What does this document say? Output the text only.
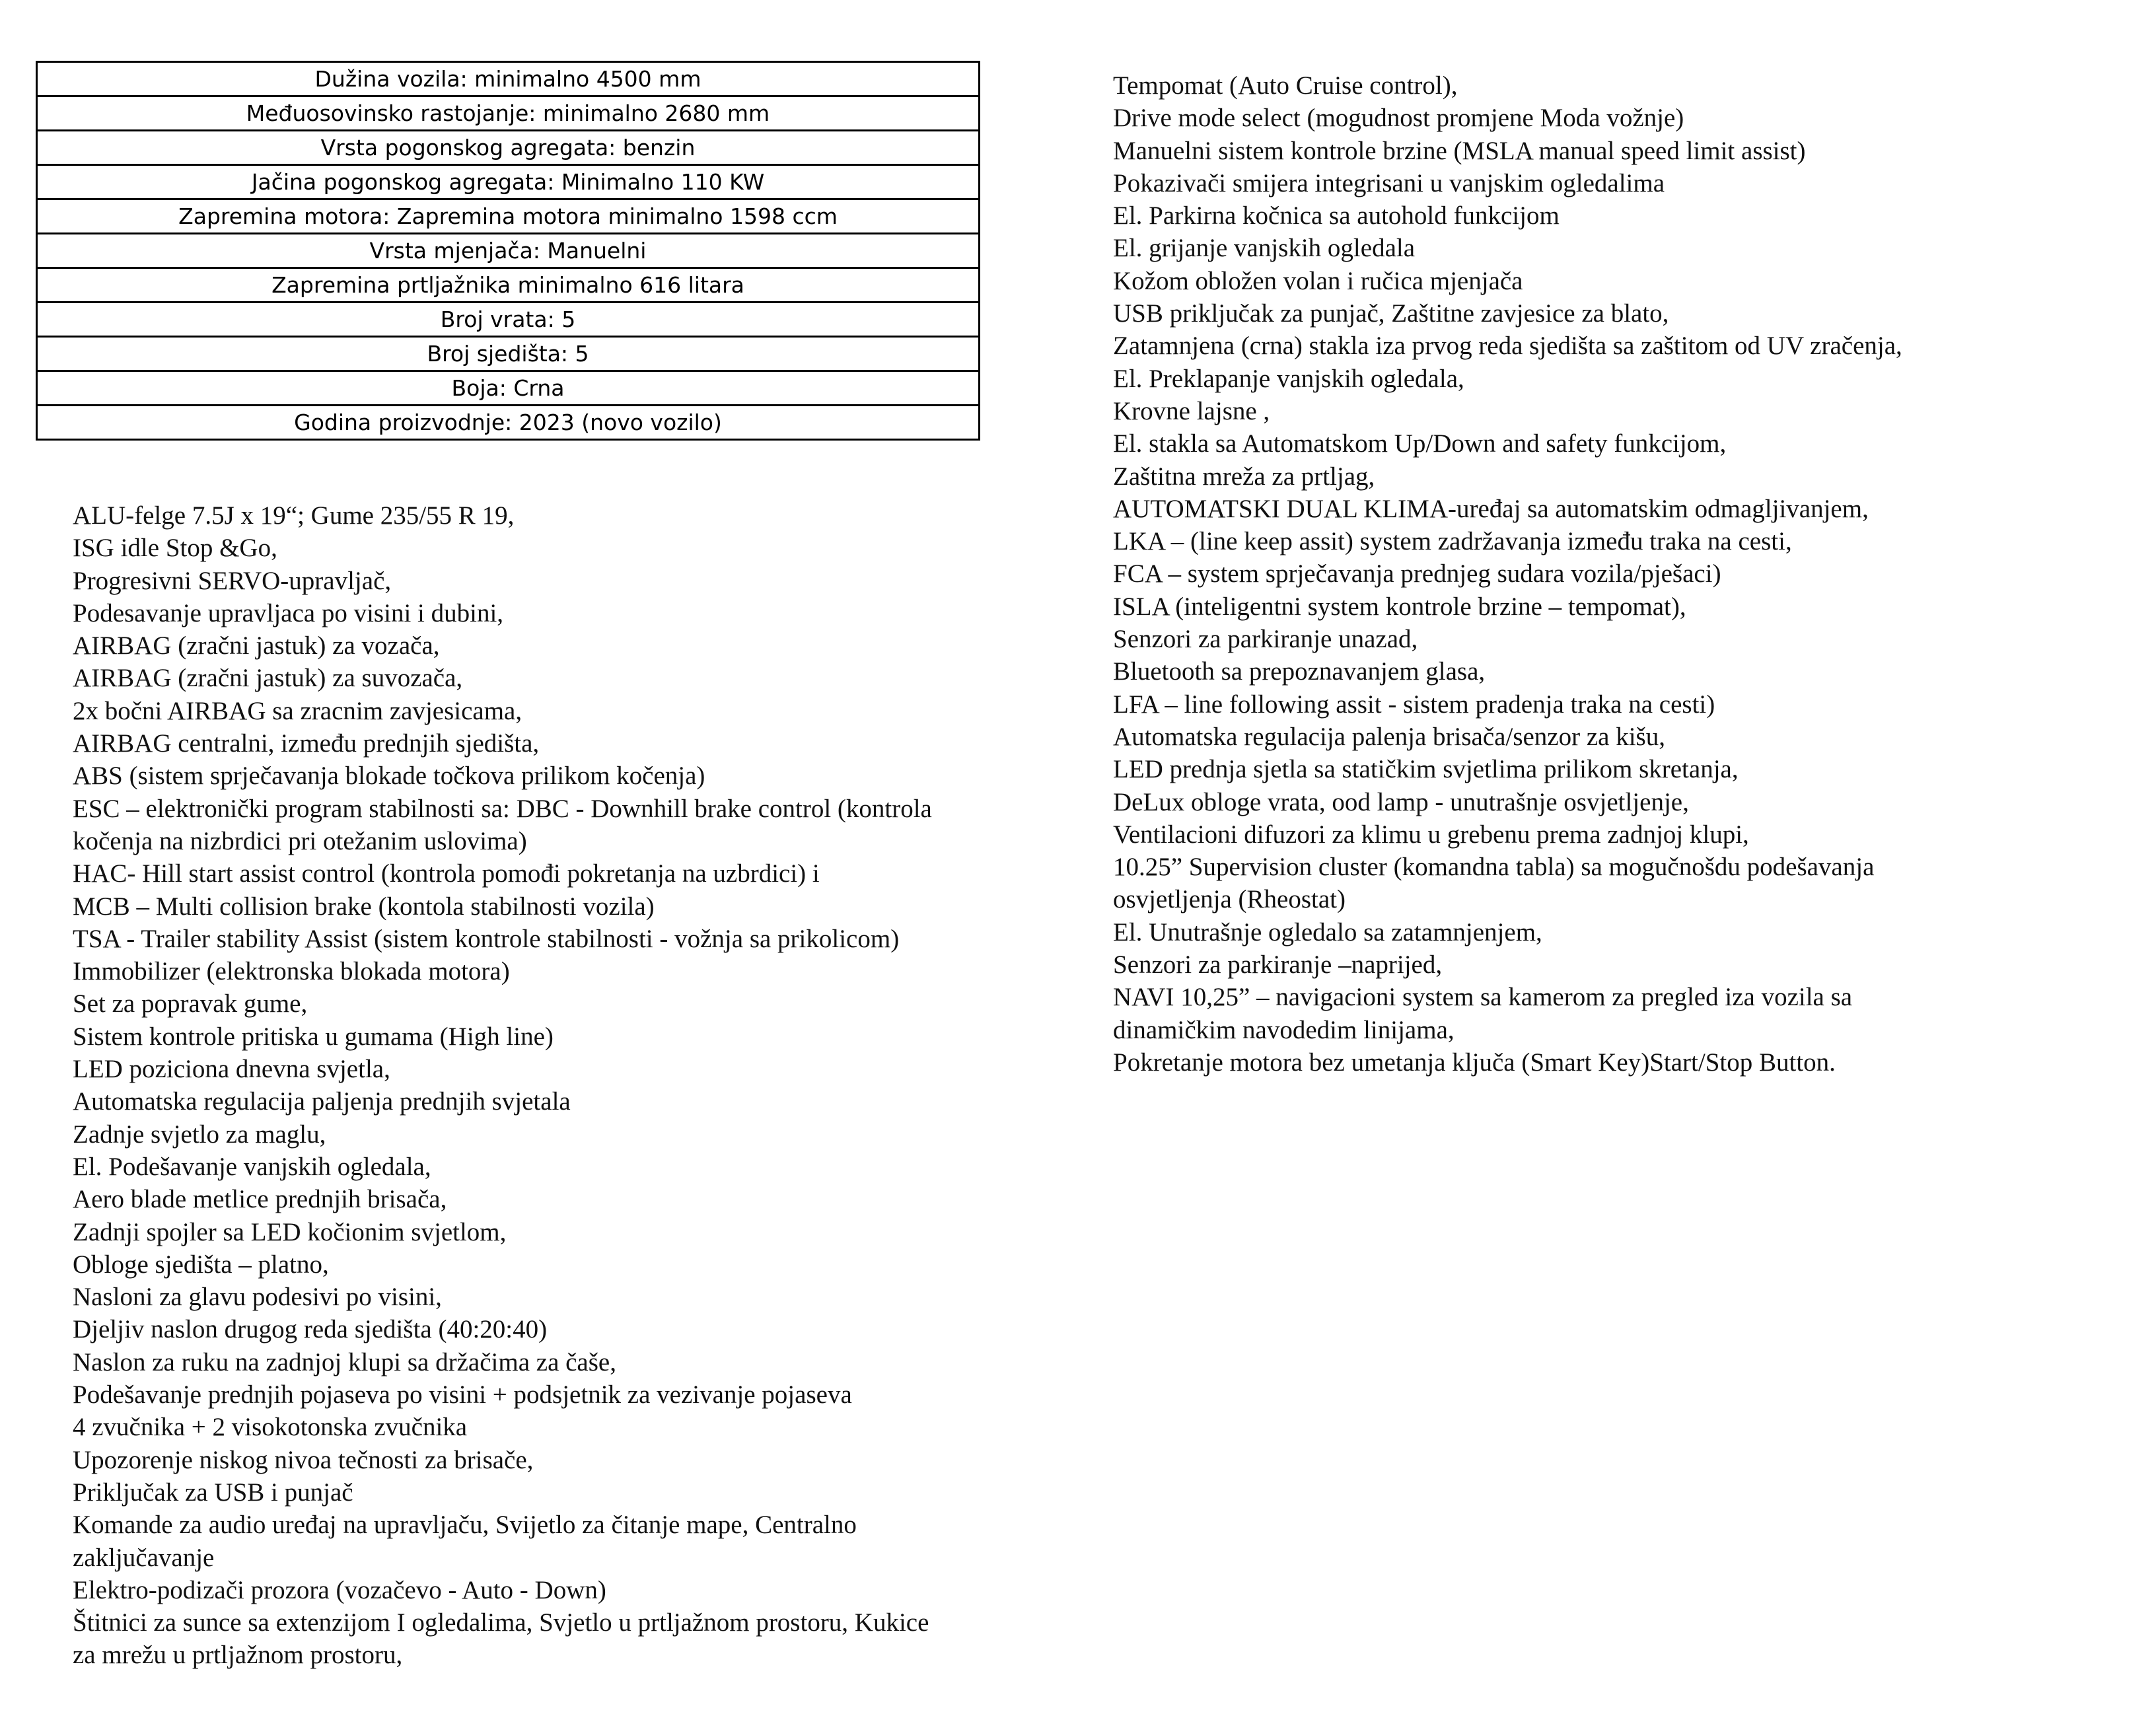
Dužina vozila: minimalno 4500 mm
Međuosovinsko rastojanje: minimalno 2680 mm
Vrsta pogonskog agregata: benzin
Jačina pogonskog agregata: Minimalno 110 KW
Zapremina motora: Zapremina motora minimalno 1598 ccm
Vrsta mjenjača: Manuelni
Zapremina prtljažnika minimalno 616 litara
Broj vrata: 5
Broj sjedišta: 5
Boja: Crna
Godina proizvodnje: 2023 (novo vozilo)
ALU-felge 7.5J x 19“; Gume 235/55 R 19,
ISG idle Stop &Go,
Progresivni SERVO-upravljač,
Podesavanje upravljaca po visini i dubini,
AIRBAG (zračni jastuk) za vozača,
AIRBAG (zračni jastuk) za suvozača,
2x bočni AIRBAG sa zracnim zavjesicama,
AIRBAG centralni, između prednjih sjedišta,
ABS (sistem sprječavanja blokade točkova prilikom kočenja)
ESC – elektronički program stabilnosti sa: DBC - Downhill brake control (kontrola
kočenja na nizbrdici pri otežanim uslovima)
HAC- Hill start assist control (kontrola pomođi pokretanja na uzbrdici) i
MCB – Multi collision brake (kontola stabilnosti vozila)
TSA - Trailer stability Assist (sistem kontrole stabilnosti - vožnja sa prikolicom)
Immobilizer (elektronska blokada motora)
Set za popravak gume,
Sistem kontrole pritiska u gumama (High line)
LED poziciona dnevna svjetla,
Automatska regulacija paljenja prednjih svjetala
Zadnje svjetlo za maglu,
El. Podešavanje vanjskih ogledala,
Aero blade metlice prednjih brisača,
Zadnji spojler sa LED kočionim svjetlom,
Obloge sjedišta – platno,
Nasloni za glavu podesivi po visini,
Djeljiv naslon drugog reda sjedišta (40:20:40)
Naslon za ruku na zadnjoj klupi sa držačima za čaše,
Podešavanje prednjih pojaseva po visini + podsjetnik za vezivanje pojaseva
4 zvučnika + 2 visokotonska zvučnika
Upozorenje niskog nivoa tečnosti za brisače,
Priključak za USB i punjač
Komande za audio uređaj na upravljaču, Svijetlo za čitanje mape, Centralno
zaključavanje
Elektro-podizači prozora (vozačevo - Auto - Down)
Štitnici za sunce sa extenzijom I ogledalima, Svjetlo u prtljažnom prostoru, Kukice
za mrežu u prtljažnom prostoru,
Tempomat (Auto Cruise control),
Drive mode select (mogudnost promjene Moda vožnje)
Manuelni sistem kontrole brzine (MSLA manual speed limit assist)
Pokazivači smijera integrisani u vanjskim ogledalima
El. Parkirna kočnica sa autohold funkcijom
El. grijanje vanjskih ogledala
Kožom obložen volan i ručica mjenjača
USB priključak za punjač, Zaštitne zavjesice za blato,
Zatamnjena (crna) stakla iza prvog reda sjedišta sa zaštitom od UV zračenja,
El. Preklapanje vanjskih ogledala,
Krovne lajsne ,
El. stakla sa Automatskom Up/Down and safety funkcijom,
Zaštitna mreža za prtljag,
AUTOMATSKI DUAL KLIMA-uređaj sa automatskim odmagljivanjem,
LKA – (line keep assit) system zadržavanja između traka na cesti,
FCA – system sprječavanja prednjeg sudara vozila/pješaci)
ISLA (inteligentni system kontrole brzine – tempomat),
Senzori za parkiranje unazad,
Bluetooth sa prepoznavanjem glasa,
LFA – line following assit - sistem pradenja traka na cesti)
Automatska regulacija palenja brisača/senzor za kišu,
LED prednja sjetla sa statičkim svjetlima prilikom skretanja,
DeLux obloge vrata, ood lamp - unutrašnje osvjetljenje,
Ventilacioni difuzori za klimu u grebenu prema zadnjoj klupi,
10.25” Supervision cluster (komandna tabla) sa mogučnošdu podešavanja
osvjetljenja (Rheostat)
El. Unutrašnje ogledalo sa zatamnjenjem,
Senzori za parkiranje –naprijed,
NAVI 10,25” – navigacioni system sa kamerom za pregled iza vozila sa
dinamičkim navodedim linijama,
Pokretanje motora bez umetanja ključa (Smart Key)Start/Stop Button.
